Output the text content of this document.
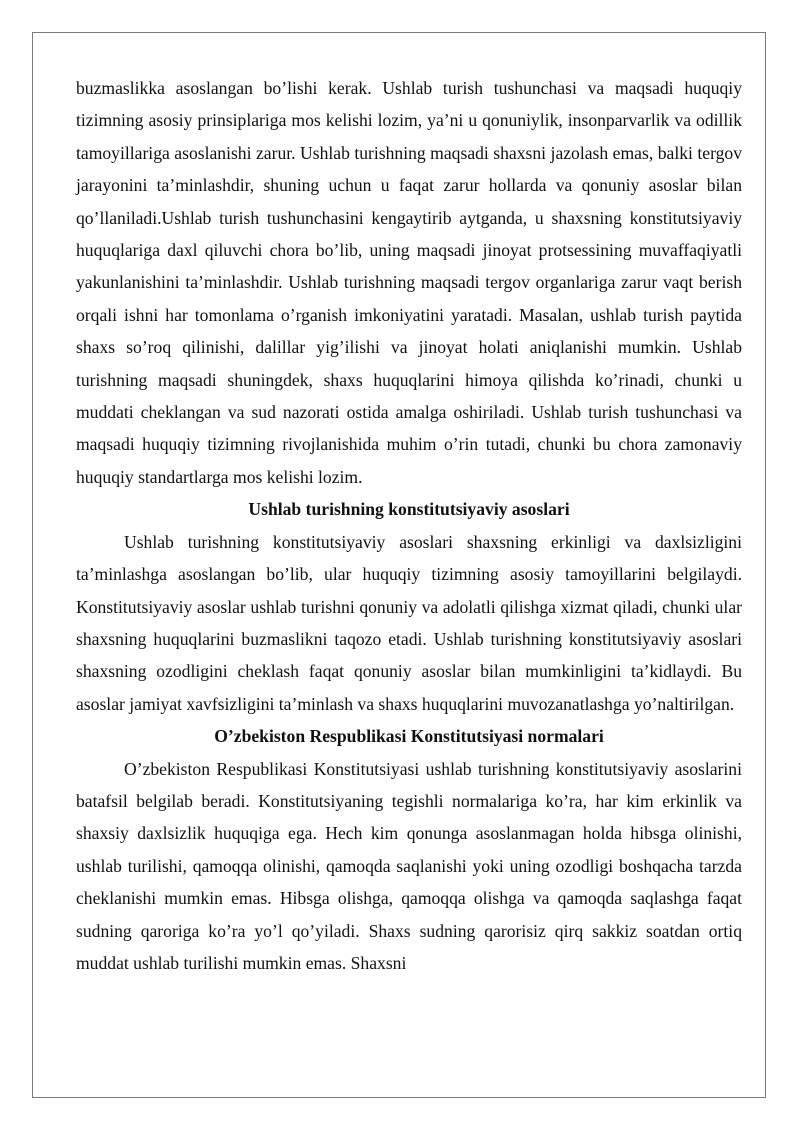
buzmaslikka asoslangan bo’lishi kerak. Ushlab turish tushunchasi va maqsadi huquqiy tizimning asosiy prinsiplariga mos kelishi lozim, ya’ni u qonuniylik, insonparvarlik va odillik tamoyillariga asoslanishi zarur. Ushlab turishning maqsadi shaxsni jazolash emas, balki tergov jarayonini ta’minlashdir, shuning uchun u faqat zarur hollarda va qonuniy asoslar bilan qo’llaniladi.Ushlab turish tushunchasini kengaytirib aytganda, u shaxsning konstitutsiyaviy huquqlariga daxl qiluvchi chora bo’lib, uning maqsadi jinoyat protsessining muvaffaqiyatli yakunlanishini ta’minlashdir. Ushlab turishning maqsadi tergov organlariga zarur vaqt berish orqali ishni har tomonlama o’rganish imkoniyatini yaratadi. Masalan, ushlab turish paytida shaxs so’roq qilinishi, dalillar yig’ilishi va jinoyat holati aniqlanishi mumkin. Ushlab turishning maqsadi shuningdek, shaxs huquqlarini himoya qilishda ko’rinadi, chunki u muddati cheklangan va sud nazorati ostida amalga oshiriladi. Ushlab turish tushunchasi va maqsadi huquqiy tizimning rivojlanishida muhim o’rin tutadi, chunki bu chora zamonaviy huquqiy standartlarga mos kelishi lozim.

Ushlab turishning konstitutsiyaviy asoslari

Ushlab turishning konstitutsiyaviy asoslari shaxsning erkinligi va daxlsizligini ta’minlashga asoslangan bo’lib, ular huquqiy tizimning asosiy tamoyillarini belgilaydi. Konstitutsiyaviy asoslar ushlab turishni qonuniy va adolatli qilishga xizmat qiladi, chunki ular shaxsning huquqlarini buzmaslikni taqozo etadi. Ushlab turishning konstitutsiyaviy asoslari shaxsning ozodligini cheklash faqat qonuniy asoslar bilan mumkinligini ta’kidlaydi. Bu asoslar jamiyat xavfsizligini ta’minlash va shaxs huquqlarini muvozanatlashga yo’naltirilgan.

O’zbekiston Respublikasi Konstitutsiyasi normalari

O’zbekiston Respublikasi Konstitutsiyasi ushlab turishning konstitutsiyaviy asoslarini batafsil belgilab beradi. Konstitutsiyaning tegishli normalariga ko’ra, har kim erkinlik va shaxsiy daxlsizlik huquqiga ega. Hech kim qonunga asoslanmagan holda hibsga olinishi, ushlab turilishi, qamoqqa olinishi, qamoqda saqlanishi yoki uning ozodligi boshqacha tarzda cheklanishi mumkin emas. Hibsga olishga, qamoqqa olishga va qamoqda saqlashga faqat sudning qaroriga ko’ra yo’l qo’yiladi. Shaxs sudning qarorisiz qirq sakkiz soatdan ortiq muddat ushlab turilishi mumkin emas. Shaxsni
